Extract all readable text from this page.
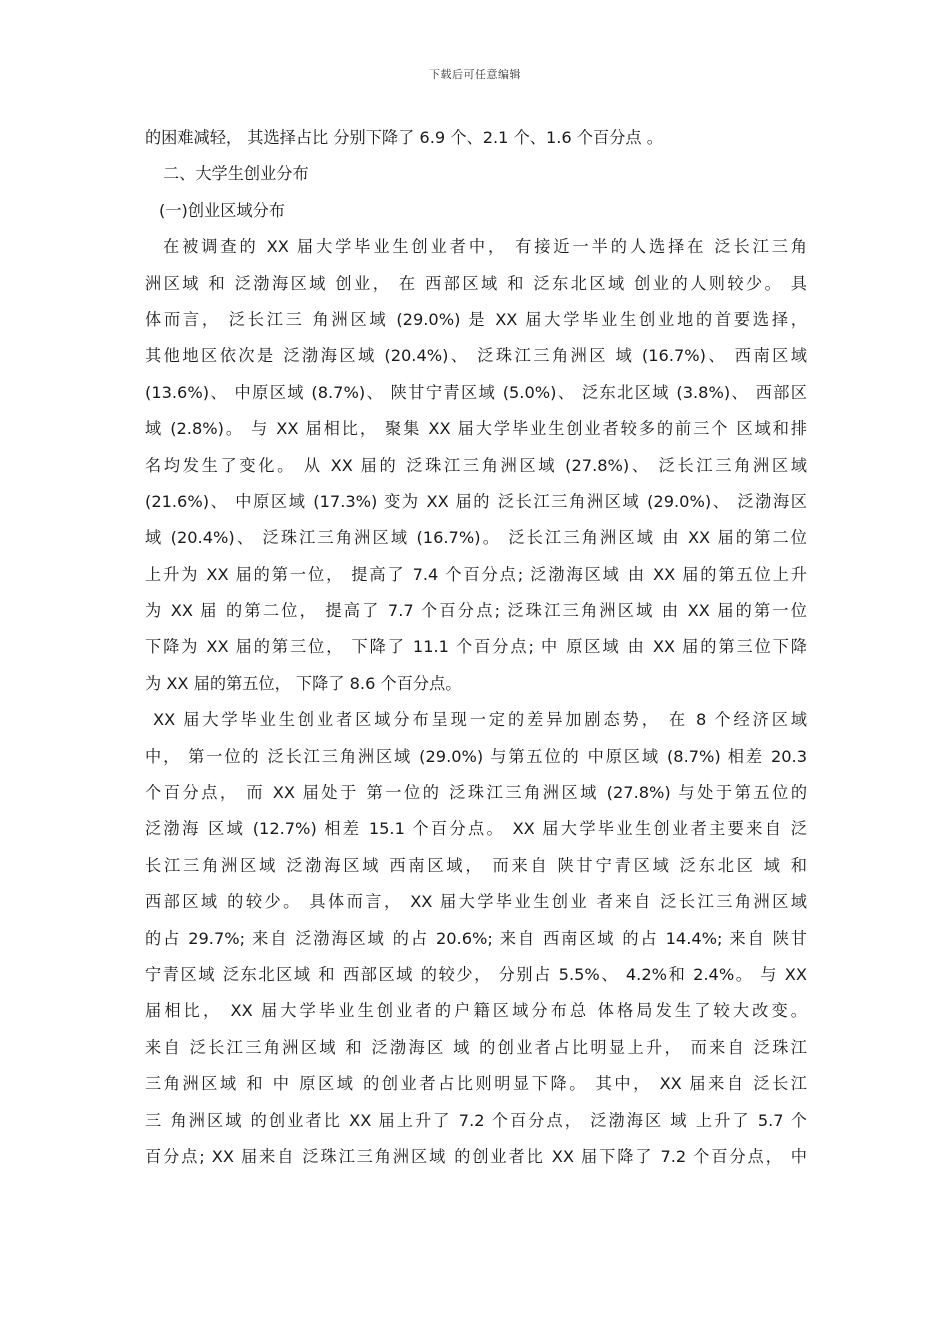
下载后可任意编辑
的困难减轻， 其选择占比 分别下降了 6.9 个、2.1 个、1.6 个百分点 。
二、大学生创业分布
(一)创业区域分布
在被调查的 XX 届大学毕业生创业者中， 有接近一半的人选择在 泛长江三角
洲区域 和 泛渤海区域 创业， 在 西部区域 和 泛东北区域 创业的人则较少。 具
体而言， 泛长江三 角洲区域 (29.0%) 是 XX 届大学毕业生创业地的首要选择，
其他地区依次是 泛渤海区域 (20.4%)、 泛珠江三角洲区 域 (16.7%)、 西南区域
(13.6%)、 中原区域 (8.7%)、 陕甘宁青区域 (5.0%)、 泛东北区域 (3.8%)、 西部区
域 (2.8%)。 与 XX 届相比， 聚集 XX 届大学毕业生创业者较多的前三个 区域和排
名均发生了变化。 从 XX 届的 泛珠江三角洲区域 (27.8%)、 泛长江三角洲区域
(21.6%)、 中原区域 (17.3%) 变为 XX 届的 泛长江三角洲区域 (29.0%)、 泛渤海区
域 (20.4%)、 泛珠江三角洲区域 (16.7%)。 泛长江三角洲区域 由 XX 届的第二位
上升为 XX 届的第一位， 提高了 7.4 个百分点; 泛渤海区域 由 XX 届的第五位上升
为 XX 届 的第二位， 提高了 7.7 个百分点; 泛珠江三角洲区域 由 XX 届的第一位
下降为 XX 届的第三位， 下降了 11.1 个百分点; 中 原区域 由 XX 届的第三位下降
为 XX 届的第五位， 下降了 8.6 个百分点。
XX 届大学毕业生创业者区域分布呈现一定的差异加剧态势， 在 8 个经济区域
中， 第一位的 泛长江三角洲区域 (29.0%) 与第五位的 中原区域 (8.7%) 相差 20.3
个百分点， 而 XX 届处于 第一位的 泛珠江三角洲区域 (27.8%) 与处于第五位的
泛渤海 区域 (12.7%) 相差 15.1 个百分点。 XX 届大学毕业生创业者主要来自 泛
长江三角洲区域 泛渤海区域 西南区域， 而来自 陕甘宁青区域 泛东北区 域 和
西部区域 的较少。 具体而言， XX 届大学毕业生创业 者来自 泛长江三角洲区域
的占 29.7%; 来自 泛渤海区域 的占 20.6%; 来自 西南区域 的占 14.4%; 来自 陕甘
宁青区域 泛东北区域 和 西部区域 的较少， 分别占 5.5%、 4.2%和 2.4%。 与 XX
届相比， XX 届大学毕业生创业者的户籍区域分布总 体格局发生了较大改变。
来自 泛长江三角洲区域 和 泛渤海区 域 的创业者占比明显上升， 而来自 泛珠江
三角洲区域 和 中 原区域 的创业者占比则明显下降。 其中， XX 届来自 泛长江
三 角洲区域 的创业者比 XX 届上升了 7.2 个百分点， 泛渤海区 域 上升了 5.7 个
百分点; XX 届来自 泛珠江三角洲区域 的创业者比 XX 届下降了 7.2 个百分点， 中
